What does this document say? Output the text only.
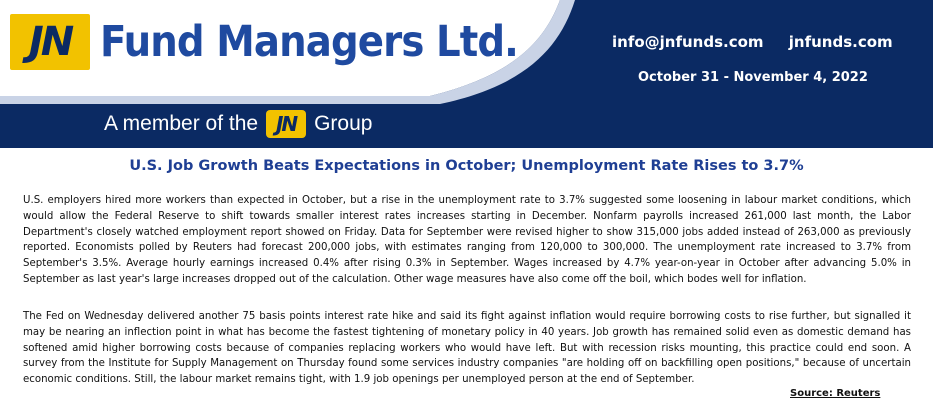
JN Fund Managers Ltd.	info@jnfunds.com jnfunds.com
October 31 - November 4, 2022
A member of the JN Group
U.S. Job Growth Beats Expectations in October; Unemployment Rate Rises to 3.7%

U.S. employers hired more workers than expected in October, but a rise in the unemployment rate to 3.7% suggested some loosening in labour market conditions, which would allow the Federal Reserve to shift towards smaller interest rates increases starting in December. Nonfarm payrolls increased 261,000 last month, the Labor Department's closely watched employment report showed on Friday. Data for September were revised higher to show 315,000 jobs added instead of 263,000 as previously reported. Economists polled by Reuters had forecast 200,000 jobs, with estimates ranging from 120,000 to 300,000. The unemployment rate increased to 3.7% from September's 3.5%. Average hourly earnings increased 0.4% after rising 0.3% in September. Wages increased by 4.7% year-on-year in October after advancing 5.0% in September as last year's large increases dropped out of the calculation. Other wage measures have also come off the boil, which bodes well for inflation.

The Fed on Wednesday delivered another 75 basis points interest rate hike and said its fight against inflation would require borrowing costs to rise further, but signalled it may be nearing an inflection point in what has become the fastest tightening of monetary policy in 40 years. Job growth has remained solid even as domestic demand has softened amid higher borrowing costs because of companies replacing workers who would have left. But with recession risks mounting, this practice could end soon. A survey from the Institute for Supply Management on Thursday found some services industry companies "are holding off on backfilling open positions," because of uncertain economic conditions. Still, the labour market remains tight, with 1.9 job openings per unemployed person at the end of September.

Source: Reuters
